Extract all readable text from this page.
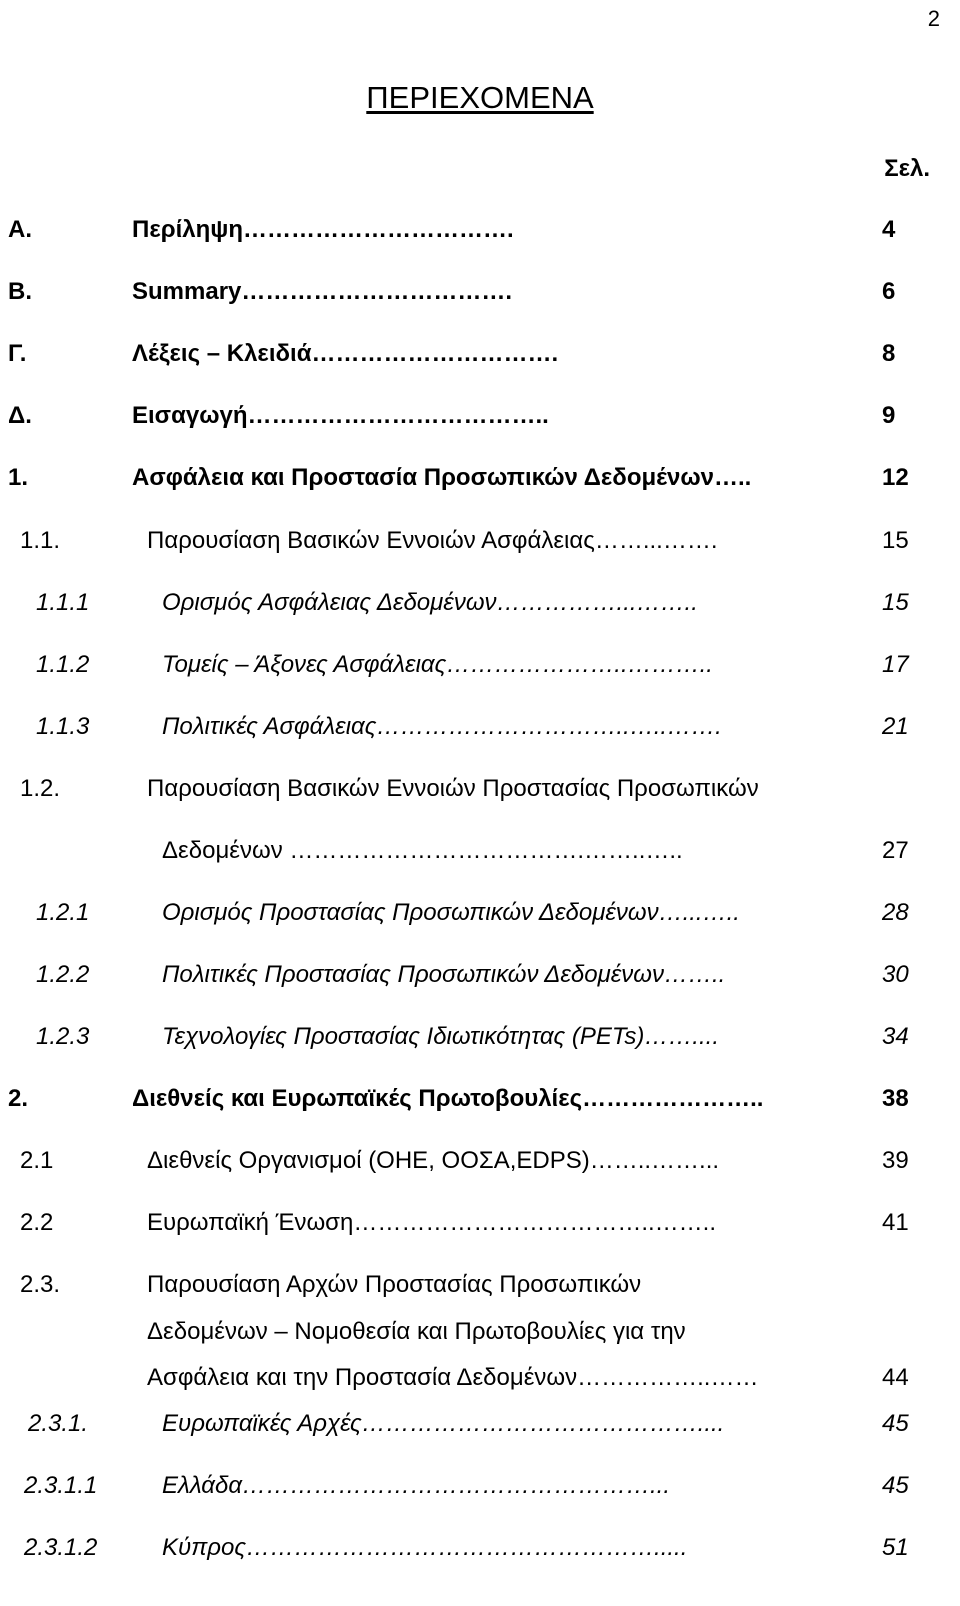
2
ΠΕΡΙΕΧΟΜΕΝΑ
Σελ.
Α.	Περίληψη…………………………….	4
Β.	Summary…………………………….	6
Γ.	Λέξεις – Κλειδιά………………………….	8
Δ.	Εισαγωγή………………………………..	9
1.	Ασφάλεια και Προστασία Προσωπικών Δεδομένων…..	12
1.1.	Παρουσίαση Βασικών Εννοιών Ασφάλειας……...…….	15
1.1.1	Ορισμός Ασφάλειας Δεδομένων……………...……..	15
1.1.2	Τομείς – Άξονες Ασφάλειας…………………..………..	17
1.1.3	Πολιτικές Ασφάλειας…………………………..…..…….	21
1.2.	Παρουσίαση Βασικών Εννοιών Προστασίας Προσωπικών
Δεδομένων ……………………………….……..…..	27
1.2.1	Ορισμός Προστασίας Προσωπικών Δεδομένων…...…..	28
1.2.2	Πολιτικές Προστασίας Προσωπικών Δεδομένων……..	30
1.2.3	Τεχνολογίες Προστασίας Ιδιωτικότητας (PETs)……....	34
2.	Διεθνείς και Ευρωπαϊκές Πρωτοβουλίες…………………..	38
2.1	Διεθνείς Οργανισμοί (ΟΗΕ, ΟΟΣΑ,EDPS)……..……...	39
2.2	Ευρωπαϊκή Ένωση………………………………..……..	41
2.3.	Παρουσίαση Αρχών Προστασίας Προσωπικών
Δεδομένων – Νομοθεσία και Πρωτοβουλίες για την
Ασφάλεια και την Προστασία Δεδομένων……………..……	44
2.3.1.	Ευρωπαϊκές Αρχές……………………………………....	45
2.3.1.1	Ελλάδα……………………………………………...	45
2.3.1.2	Κύπρος…………………………………………….....	51
